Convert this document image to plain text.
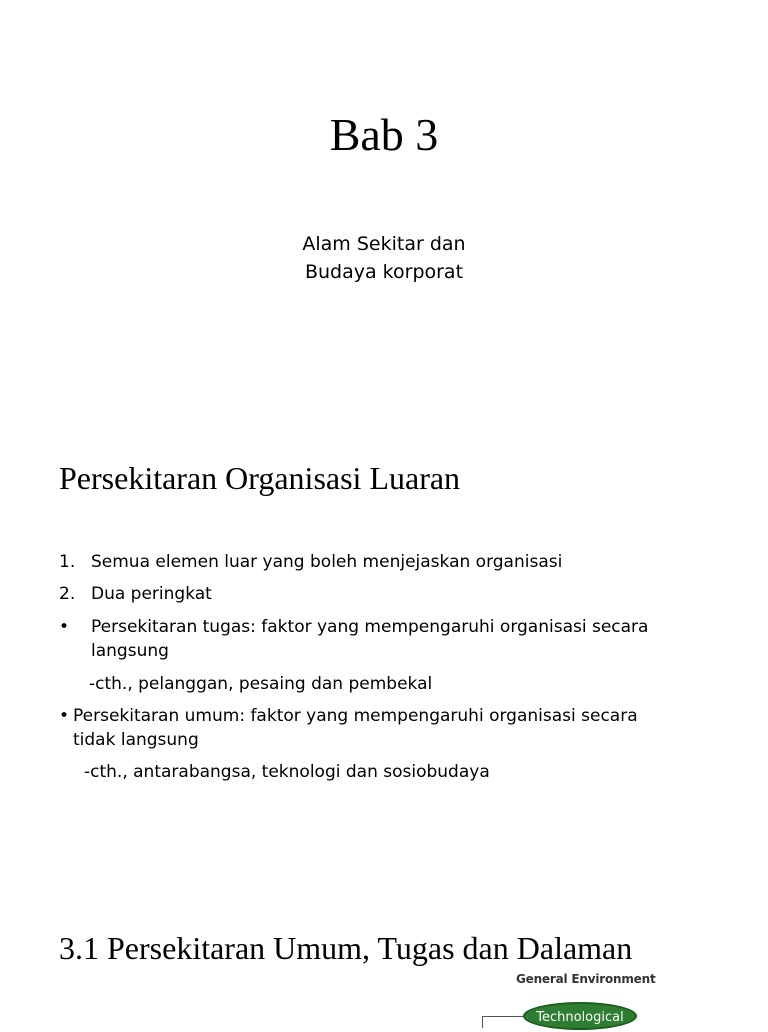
Bab 3
Alam Sekitar dan
Budaya korporat
Persekitaran Organisasi Luaran
1. Semua elemen luar yang boleh menjejaskan organisasi
2. Dua peringkat
• Persekitaran tugas: faktor yang mempengaruhi organisasi secara
langsung
-cth., pelanggan, pesaing dan pembekal
• Persekitaran umum: faktor yang mempengaruhi organisasi secara
tidak langsung
-cth., antarabangsa, teknologi dan sosiobudaya
3.1 Persekitaran Umum, Tugas dan Dalaman
General Environment
Technological
